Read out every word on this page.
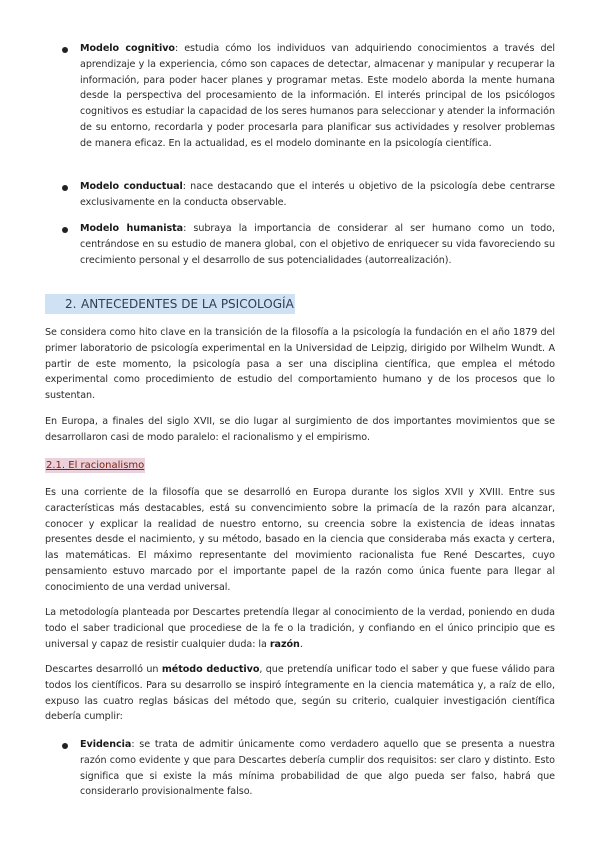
Modelo cognitivo: estudia cómo los individuos van adquiriendo conocimientos a través del aprendizaje y la experiencia, cómo son capaces de detectar, almacenar y manipular y recuperar la información, para poder hacer planes y programar metas. Este modelo aborda la mente humana desde la perspectiva del procesamiento de la información. El interés principal de los psicólogos cognitivos es estudiar la capacidad de los seres humanos para seleccionar y atender la información de su entorno, recordarla y poder procesarla para planificar sus actividades y resolver problemas de manera eficaz. En la actualidad, es el modelo dominante en la psicología científica.

Modelo conductual: nace destacando que el interés u objetivo de la psicología debe centrarse exclusivamente en la conducta observable.

Modelo humanista: subraya la importancia de considerar al ser humano como un todo, centrándose en su estudio de manera global, con el objetivo de enriquecer su vida favoreciendo su crecimiento personal y el desarrollo de sus potencialidades (autorrealización).

2. ANTECEDENTES DE LA PSICOLOGÍA

Se considera como hito clave en la transición de la filosofía a la psicología la fundación en el año 1879 del primer laboratorio de psicología experimental en la Universidad de Leipzig, dirigido por Wilhelm Wundt. A partir de este momento, la psicología pasa a ser una disciplina científica, que emplea el método experimental como procedimiento de estudio del comportamiento humano y de los procesos que lo sustentan.

En Europa, a finales del siglo XVII, se dio lugar al surgimiento de dos importantes movimientos que se desarrollaron casi de modo paralelo: el racionalismo y el empirismo.

2.1. El racionalismo

Es una corriente de la filosofía que se desarrolló en Europa durante los siglos XVII y XVIII. Entre sus características más destacables, está su convencimiento sobre la primacía de la razón para alcanzar, conocer y explicar la realidad de nuestro entorno, su creencia sobre la existencia de ideas innatas presentes desde el nacimiento, y su método, basado en la ciencia que consideraba más exacta y certera, las matemáticas. El máximo representante del movimiento racionalista fue René Descartes, cuyo pensamiento estuvo marcado por el importante papel de la razón como única fuente para llegar al conocimiento de una verdad universal.

La metodología planteada por Descartes pretendía llegar al conocimiento de la verdad, poniendo en duda todo el saber tradicional que procediese de la fe o la tradición, y confiando en el único principio que es universal y capaz de resistir cualquier duda: la razón.

Descartes desarrolló un método deductivo, que pretendía unificar todo el saber y que fuese válido para todos los científicos. Para su desarrollo se inspiró íntegramente en la ciencia matemática y, a raíz de ello, expuso las cuatro reglas básicas del método que, según su criterio, cualquier investigación científica debería cumplir:

Evidencia: se trata de admitir únicamente como verdadero aquello que se presenta a nuestra razón como evidente y que para Descartes debería cumplir dos requisitos: ser claro y distinto. Esto significa que si existe la más mínima probabilidad de que algo pueda ser falso, habrá que considerarlo provisionalmente falso.
